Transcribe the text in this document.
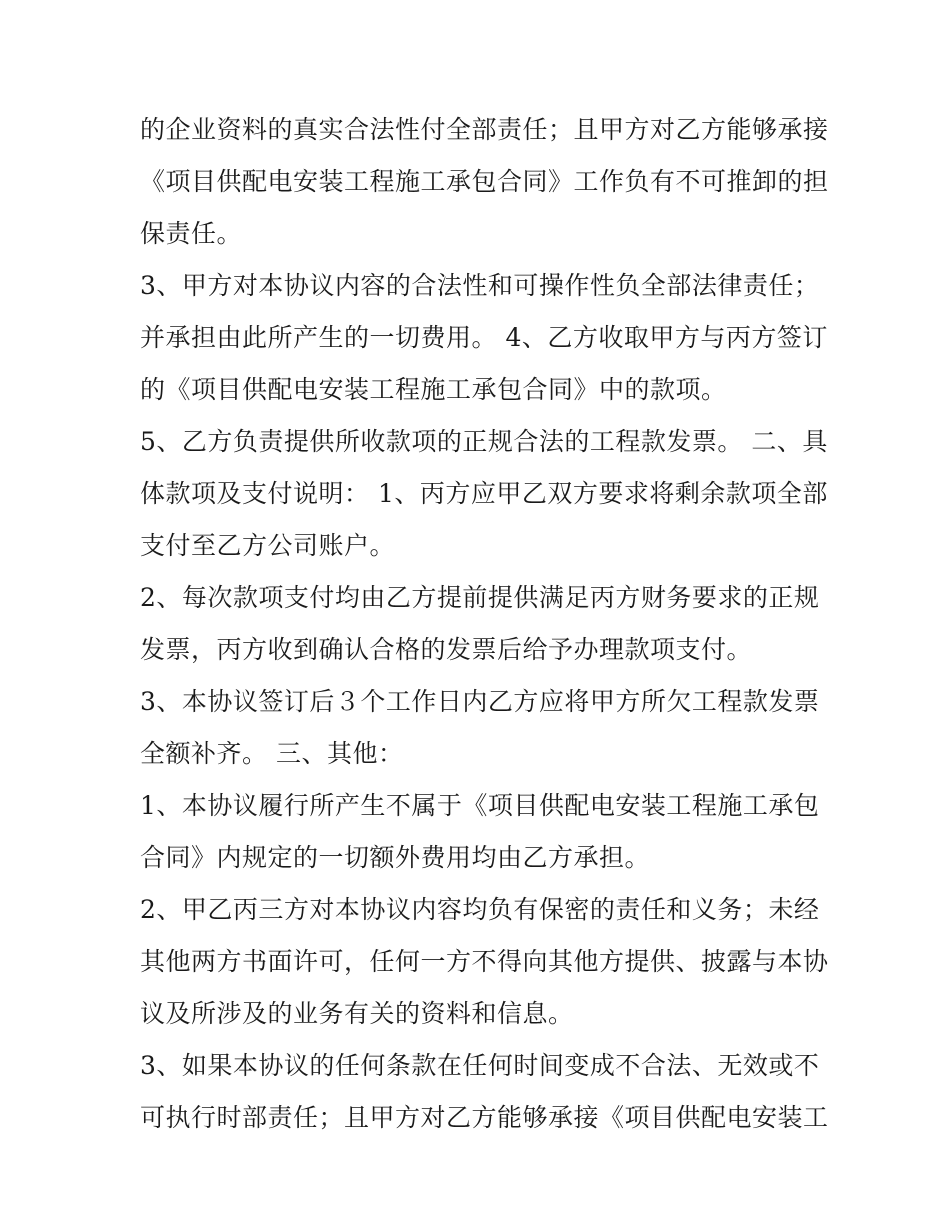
的企业资料的真实合法性付全部责任；且甲方对乙方能够承接
《项目供配电安装工程施工承包合同》工作负有不可推卸的担
保责任。
3、甲方对本协议内容的合法性和可操作性负全部法律责任；
并承担由此所产生的一切费用。 4、乙方收取甲方与丙方签订
的《项目供配电安装工程施工承包合同》中的款项。
5、乙方负责提供所收款项的正规合法的工程款发票。 二、具
体款项及支付说明： 1、丙方应甲乙双方要求将剩余款项全部
支付至乙方公司账户。
2、每次款项支付均由乙方提前提供满足丙方财务要求的正规
发票，丙方收到确认合格的发票后给予办理款项支付。
3、本协议签订后３个工作日内乙方应将甲方所欠工程款发票
全额补齐。 三、其他：
1、本协议履行所产生不属于《项目供配电安装工程施工承包
合同》内规定的一切额外费用均由乙方承担。
2、甲乙丙三方对本协议内容均负有保密的责任和义务；未经
其他两方书面许可，任何一方不得向其他方提供、披露与本协
议及所涉及的业务有关的资料和信息。
3、如果本协议的任何条款在任何时间变成不合法、无效或不
可执行时部责任；且甲方对乙方能够承接《项目供配电安装工
